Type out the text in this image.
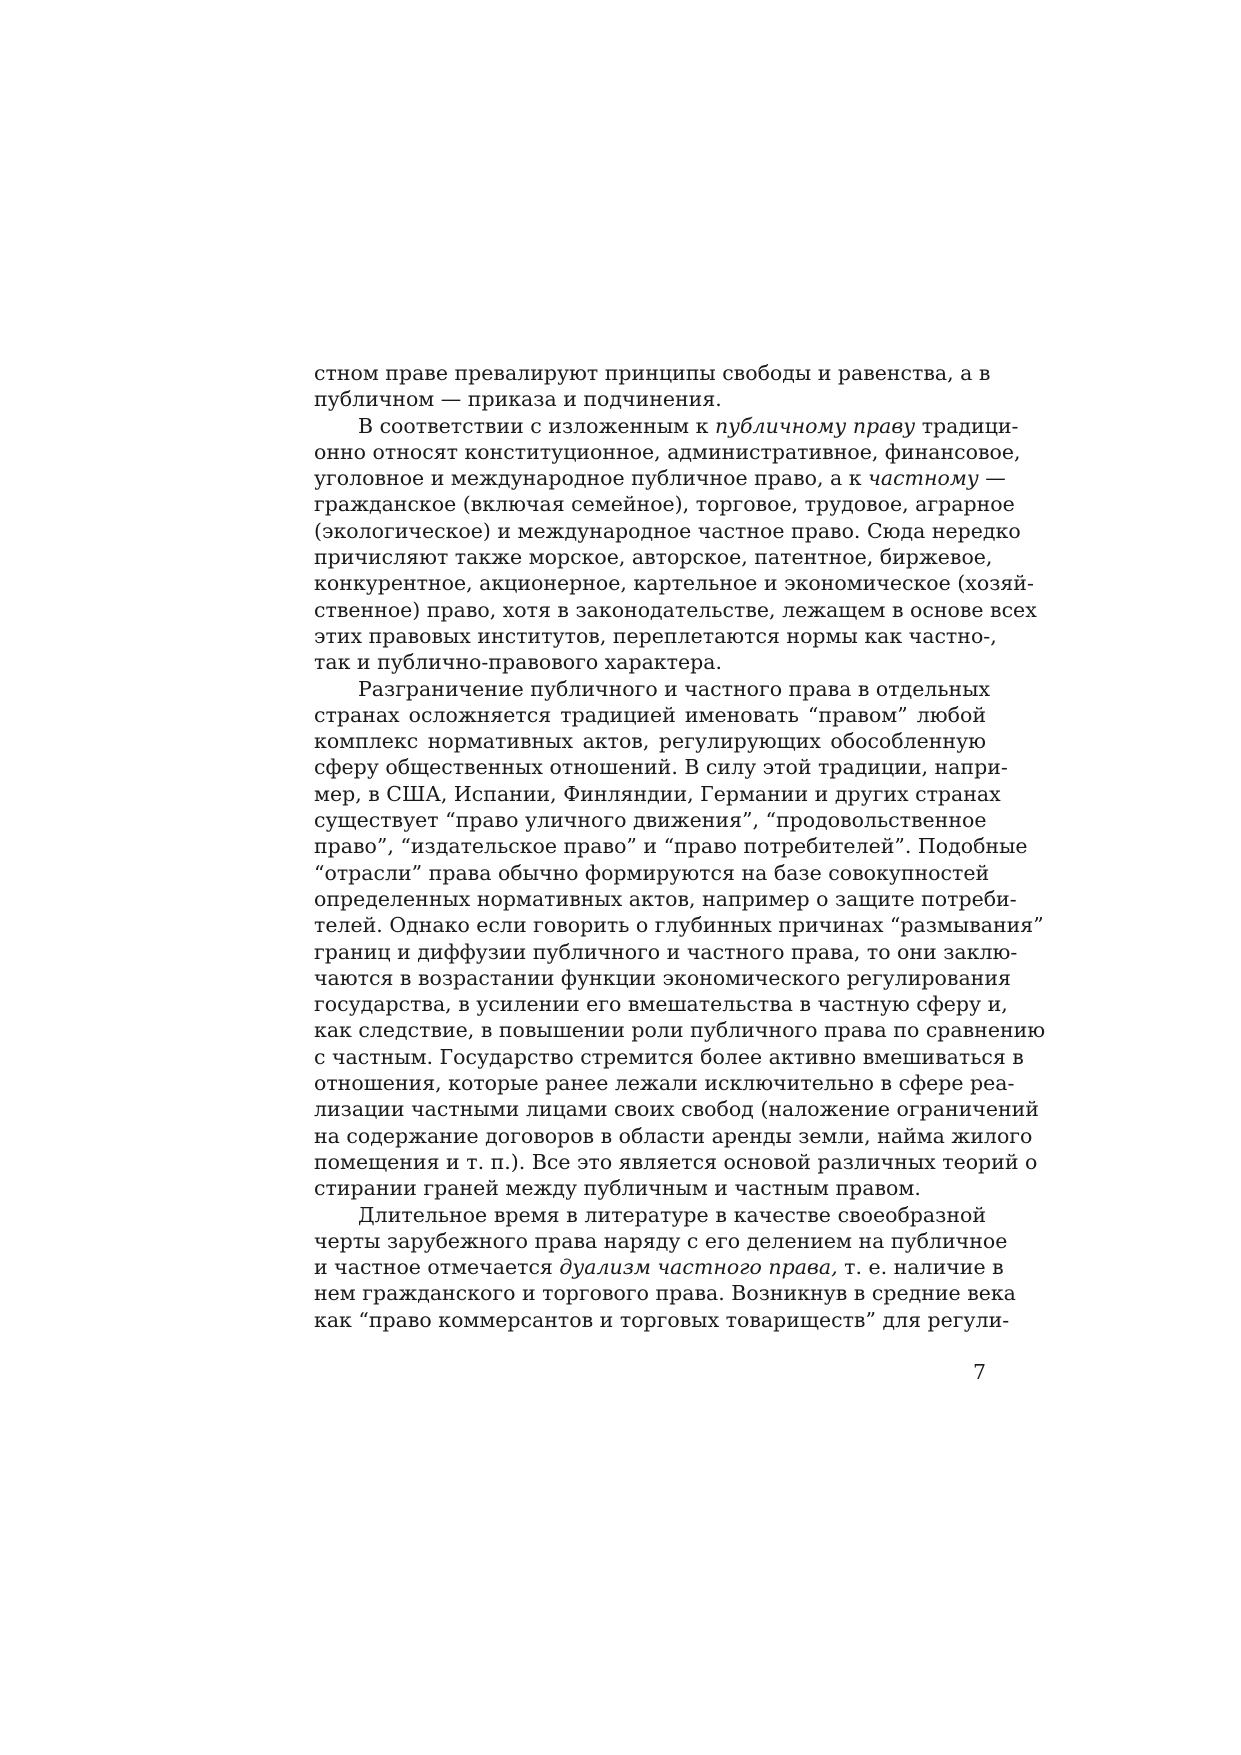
стном праве превалируют принципы свободы и равенства, а в
публичном — приказа и подчинения.
В соответствии с изложенным к публичному праву традици-
онно относят конституционное, административное, финансовое,
уголовное и международное публичное право, а к частному —
гражданское (включая семейное), торговое, трудовое, аграрное
(экологическое) и международное частное право. Сюда нередко
причисляют также морское, авторское, патентное, биржевое,
конкурентное, акционерное, картельное и экономическое (хозяй-
ственное) право, хотя в законодательстве, лежащем в основе всех
этих правовых институтов, переплетаются нормы как частно-,
так и публично-правового характера.
Разграничение публичного и частного права в отдельных
странах осложняется традицией именовать “правом” любой
комплекс нормативных актов, регулирующих обособленную
сферу общественных отношений. В силу этой традиции, напри-
мер, в США, Испании, Финляндии, Германии и других странах
существует “право уличного движения”, “продовольственное
право”, “издательское право” и “право потребителей”. Подобные
“отрасли” права обычно формируются на базе совокупностей
определенных нормативных актов, например о защите потреби-
телей. Однако если говорить о глубинных причинах “размывания”
границ и диффузии публичного и частного права, то они заклю-
чаются в возрастании функции экономического регулирования
государства, в усилении его вмешательства в частную сферу и,
как следствие, в повышении роли публичного права по сравнению
с частным. Государство стремится более активно вмешиваться в
отношения, которые ранее лежали исключительно в сфере реа-
лизации частными лицами своих свобод (наложение ограничений
на содержание договоров в области аренды земли, найма жилого
помещения и т. п.). Все это является основой различных теорий о
стирании граней между публичным и частным правом.
Длительное время в литературе в качестве своеобразной
черты зарубежного права наряду с его делением на публичное
и частное отмечается дуализм частного права, т. е. наличие в
нем гражданского и торгового права. Возникнув в средние века
как “право коммерсантов и торговых товариществ” для регули-
7
